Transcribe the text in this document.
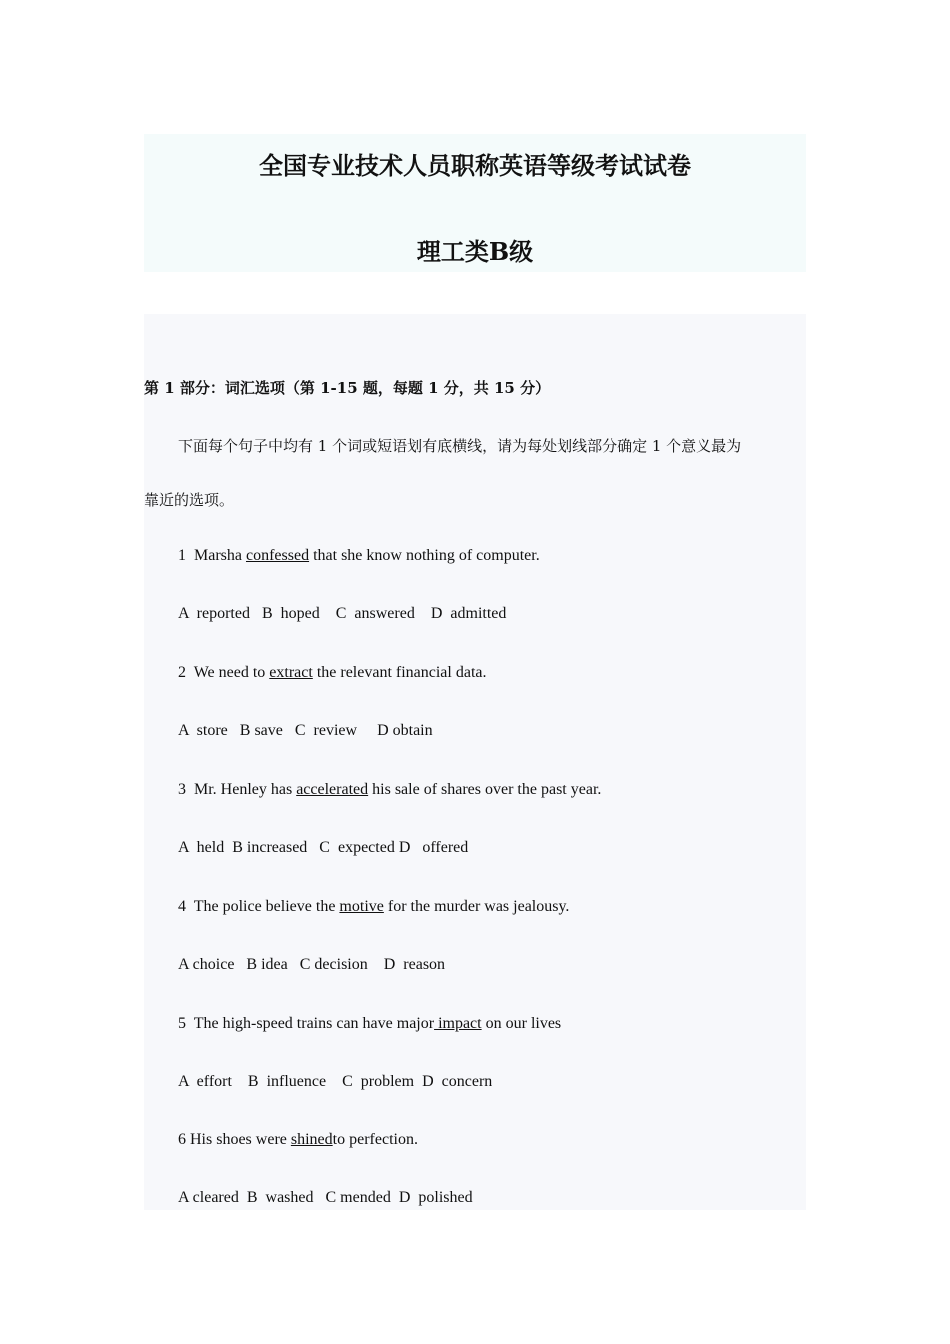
全国专业技术人员职称英语等级考试试卷
理工类B级
第 1 部分：词汇选项（第 1-15 题，每题 1 分，共 15 分）
下面每个句子中均有 1 个词或短语划有底横线，请为每处划线部分确定 1 个意义最为
靠近的选项。
1  Marsha confessed that she know nothing of computer.
A  reported   B  hoped    C  answered    D  admitted
2  We need to extract the relevant financial data.
A  store   B save   C  review     D obtain
3  Mr. Henley has accelerated his sale of shares over the past year.
A  held  B increased   C  expected D   offered
4  The police believe the motive for the murder was jealousy.
A choice   B idea   C decision    D  reason
5  The high-speed trains can have major impact on our lives
A  effort    B  influence    C  problem  D  concern
6 His shoes were shinedto perfection.
A cleared  B  washed   C mended  D  polished
